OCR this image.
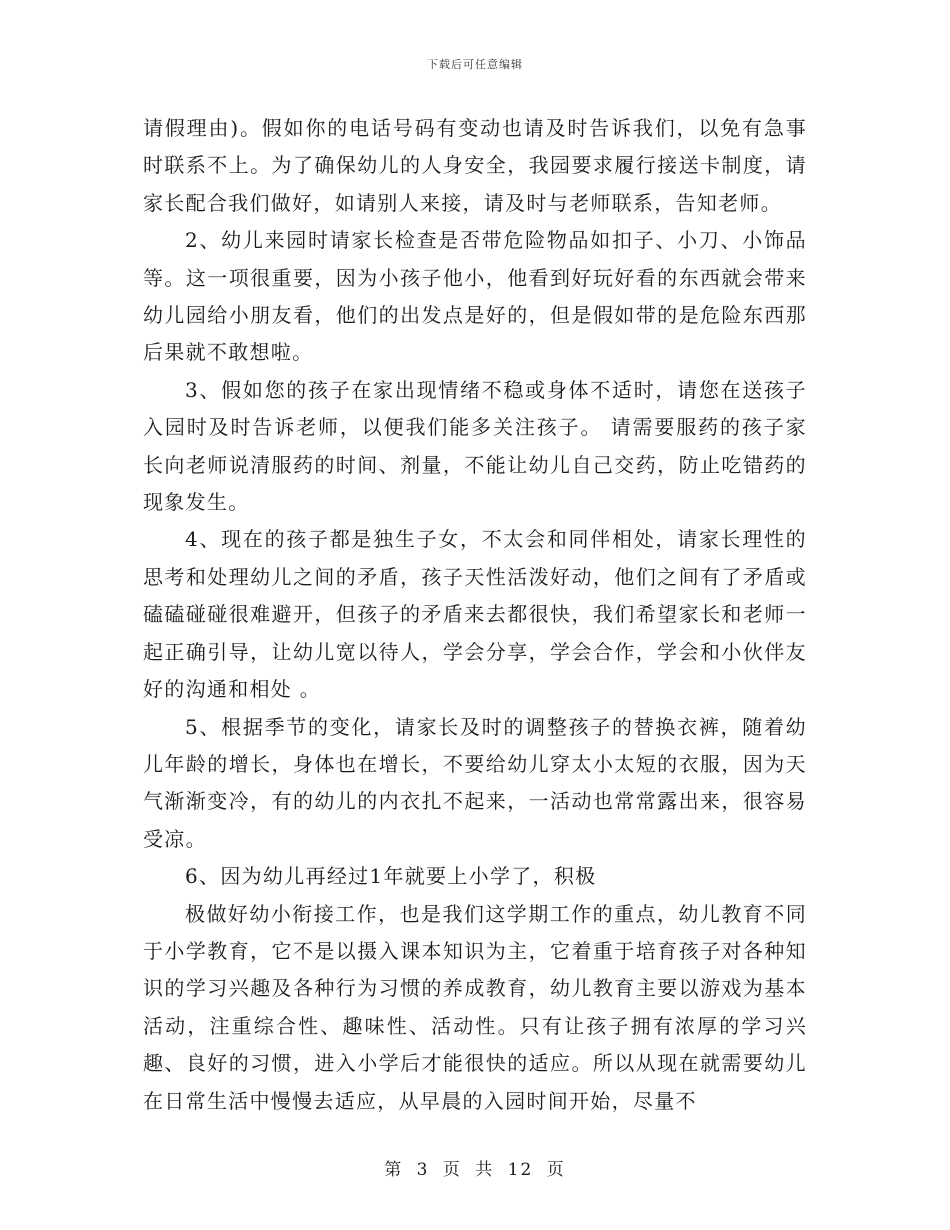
下载后可任意编辑

请假理由)。假如你的电话号码有变动也请及时告诉我们，以免有急事时联系不上。为了确保幼儿的人身安全，我园要求履行接送卡制度，请家长配合我们做好，如请别人来接，请及时与老师联系，告知老师。

2、幼儿来园时请家长检查是否带危险物品如扣子、小刀、小饰品等。这一项很重要，因为小孩子他小，他看到好玩好看的东西就会带来幼儿园给小朋友看，他们的出发点是好的，但是假如带的是危险东西那后果就不敢想啦。

3、假如您的孩子在家出现情绪不稳或身体不适时，请您在送孩子入园时及时告诉老师，以便我们能多关注孩子。 请需要服药的孩子家长向老师说清服药的时间、剂量，不能让幼儿自己交药，防止吃错药的现象发生。

4、现在的孩子都是独生子女，不太会和同伴相处，请家长理性的思考和处理幼儿之间的矛盾，孩子天性活泼好动，他们之间有了矛盾或磕磕碰碰很难避开，但孩子的矛盾来去都很快，我们希望家长和老师一起正确引导，让幼儿宽以待人，学会分享，学会合作，学会和小伙伴友好的沟通和相处 。

5、根据季节的变化，请家长及时的调整孩子的替换衣裤，随着幼儿年龄的增长，身体也在增长，不要给幼儿穿太小太短的衣服，因为天气渐渐变冷，有的幼儿的内衣扎不起来，一活动也常常露出来，很容易受凉。

6、因为幼儿再经过1年就要上小学了，积极

极做好幼小衔接工作，也是我们这学期工作的重点，幼儿教育不同于小学教育，它不是以摄入课本知识为主，它着重于培育孩子对各种知识的学习兴趣及各种行为习惯的养成教育，幼儿教育主要以游戏为基本活动，注重综合性、趣味性、活动性。只有让孩子拥有浓厚的学习兴趣、良好的习惯，进入小学后才能很快的适应。所以从现在就需要幼儿在日常生活中慢慢去适应，从早晨的入园时间开始，尽量不

第 3 页 共 12 页
